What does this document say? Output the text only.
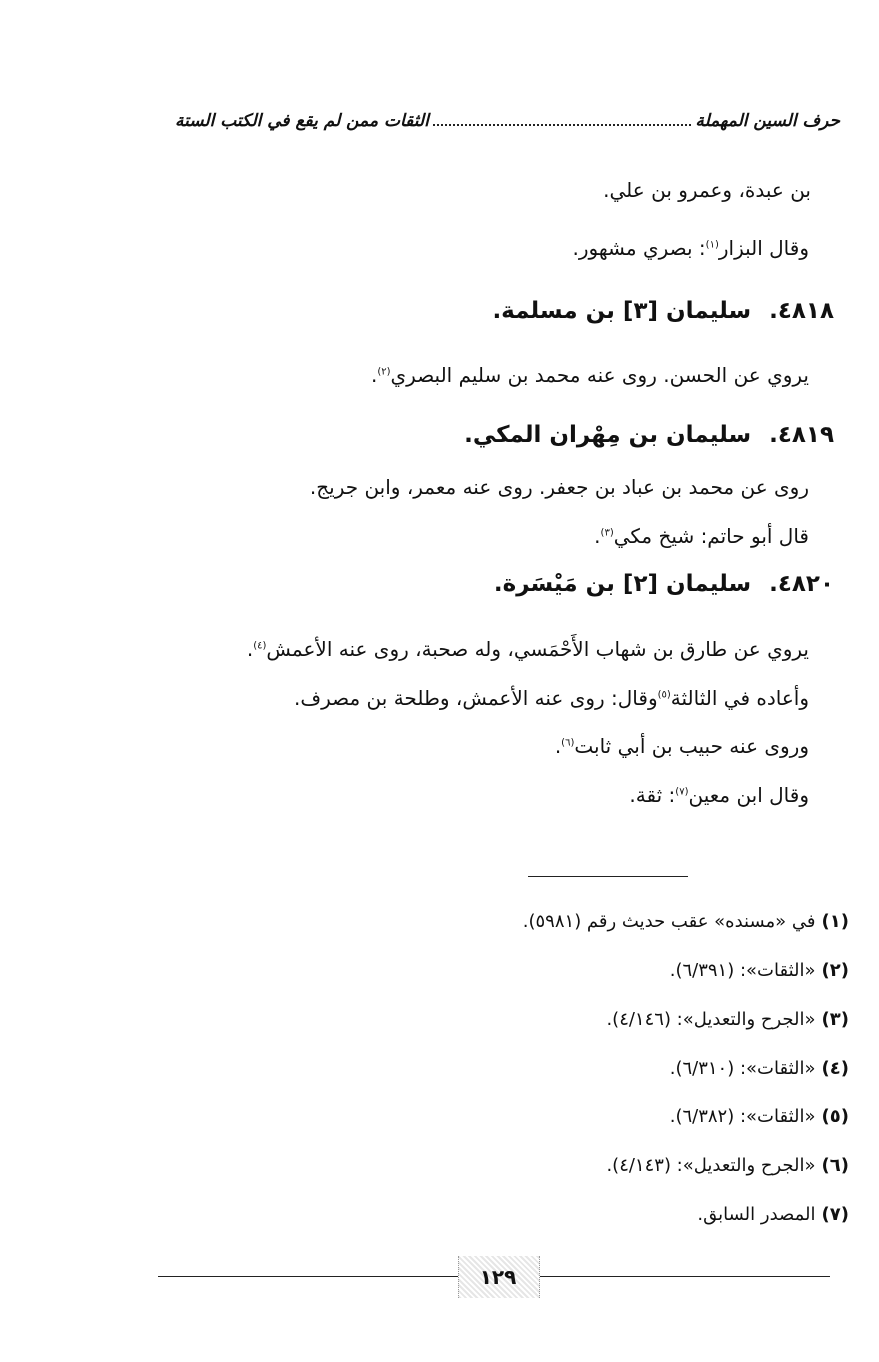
حرف السين المهملة
الثقات ممن لم يقع في الكتب الستة
بن عبدة، وعمرو بن علي.
وقال البزار$^{(١)}$: بصري مشهور.
٤٨١٨.سليمان [٣] بن مسلمة.
يروي عن الحسن. روى عنه محمد بن سليم البصري$^{(٢)}$.
٤٨١٩.سليمان بن مِهْران المكي.
روى عن محمد بن عباد بن جعفر. روى عنه معمر، وابن جريج.
قال أبو حاتم: شيخ مكي$^{(٣)}$.
٤٨٢٠.سليمان [٢] بن مَيْسَرة.
يروي عن طارق بن شهاب الأَحْمَسي، وله صحبة، روى عنه الأعمش$^{(٤)}$.
وأعاده في الثالثة$^{(٥)}$وقال: روى عنه الأعمش، وطلحة بن مصرف.
وروى عنه حبيب بن أبي ثابت$^{(٦)}$.
وقال ابن معين$^{(٧)}$: ثقة.
(١)في «مسنده» عقب حديث رقم (٥٩٨١).
(٢)«الثقات»: (٦/٣٩١).
(٣)«الجرح والتعديل»: (٤/١٤٦).
(٤)«الثقات»: (٦/٣١٠).
(٥)«الثقات»: (٦/٣٨٢).
(٦)«الجرح والتعديل»: (٤/١٤٣).
(٧)المصدر السابق.
١٢٩
